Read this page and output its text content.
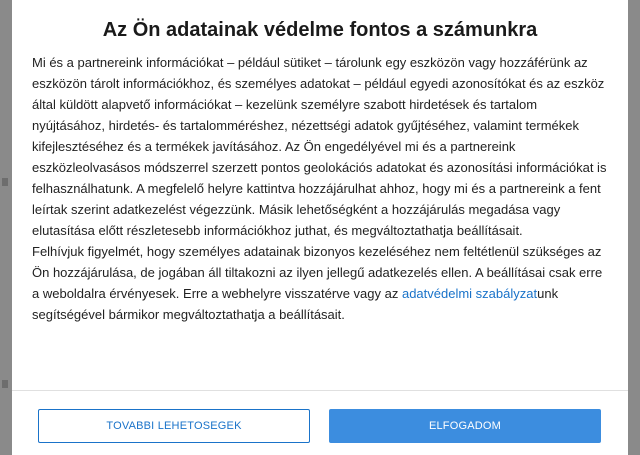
Az Ön adatainak védelme fontos a számunkra

Mi és a partnereink információkat – például sütiket – tárolunk egy eszközön vagy hozzáférünk az eszközön tárolt információkhoz, és személyes adatokat – például egyedi azonosítókat és az eszköz által küldött alapvető információkat – kezelünk személyre szabott hirdetések és tartalom nyújtásához, hirdetés- és tartalomméréshez, nézettségi adatok gyűjtéséhez, valamint termékek kifejlesztéséhez és a termékek javításához. Az Ön engedélyével mi és a partnereink eszközleolvasásos módszerrel szerzett pontos geolokációs adatokat és azonosítási információkat is felhasználhatunk. A megfelelő helyre kattintva hozzájárulhat ahhoz, hogy mi és a partnereink a fent leírtak szerint adatkezelést végezzünk. Másik lehetőségként a hozzájárulás megadása vagy elutasítása előtt részletesebb információkhoz juthat, és megváltoztathatja beállításait.

Felhívjuk figyelmét, hogy személyes adatainak bizonyos kezeléséhez nem feltétlenül szükséges az Ön hozzájárulása, de jogában áll tiltakozni az ilyen jellegű adatkezelés ellen. A beállításai csak erre a weboldalra érvényesek. Erre a webhelyre visszatérve vagy az adatvédelmi szabályzatunk segítségével bármikor megváltoztathatja a beállításait.

TOVABBI LEHETOSEGEK	ELFOGADOM
